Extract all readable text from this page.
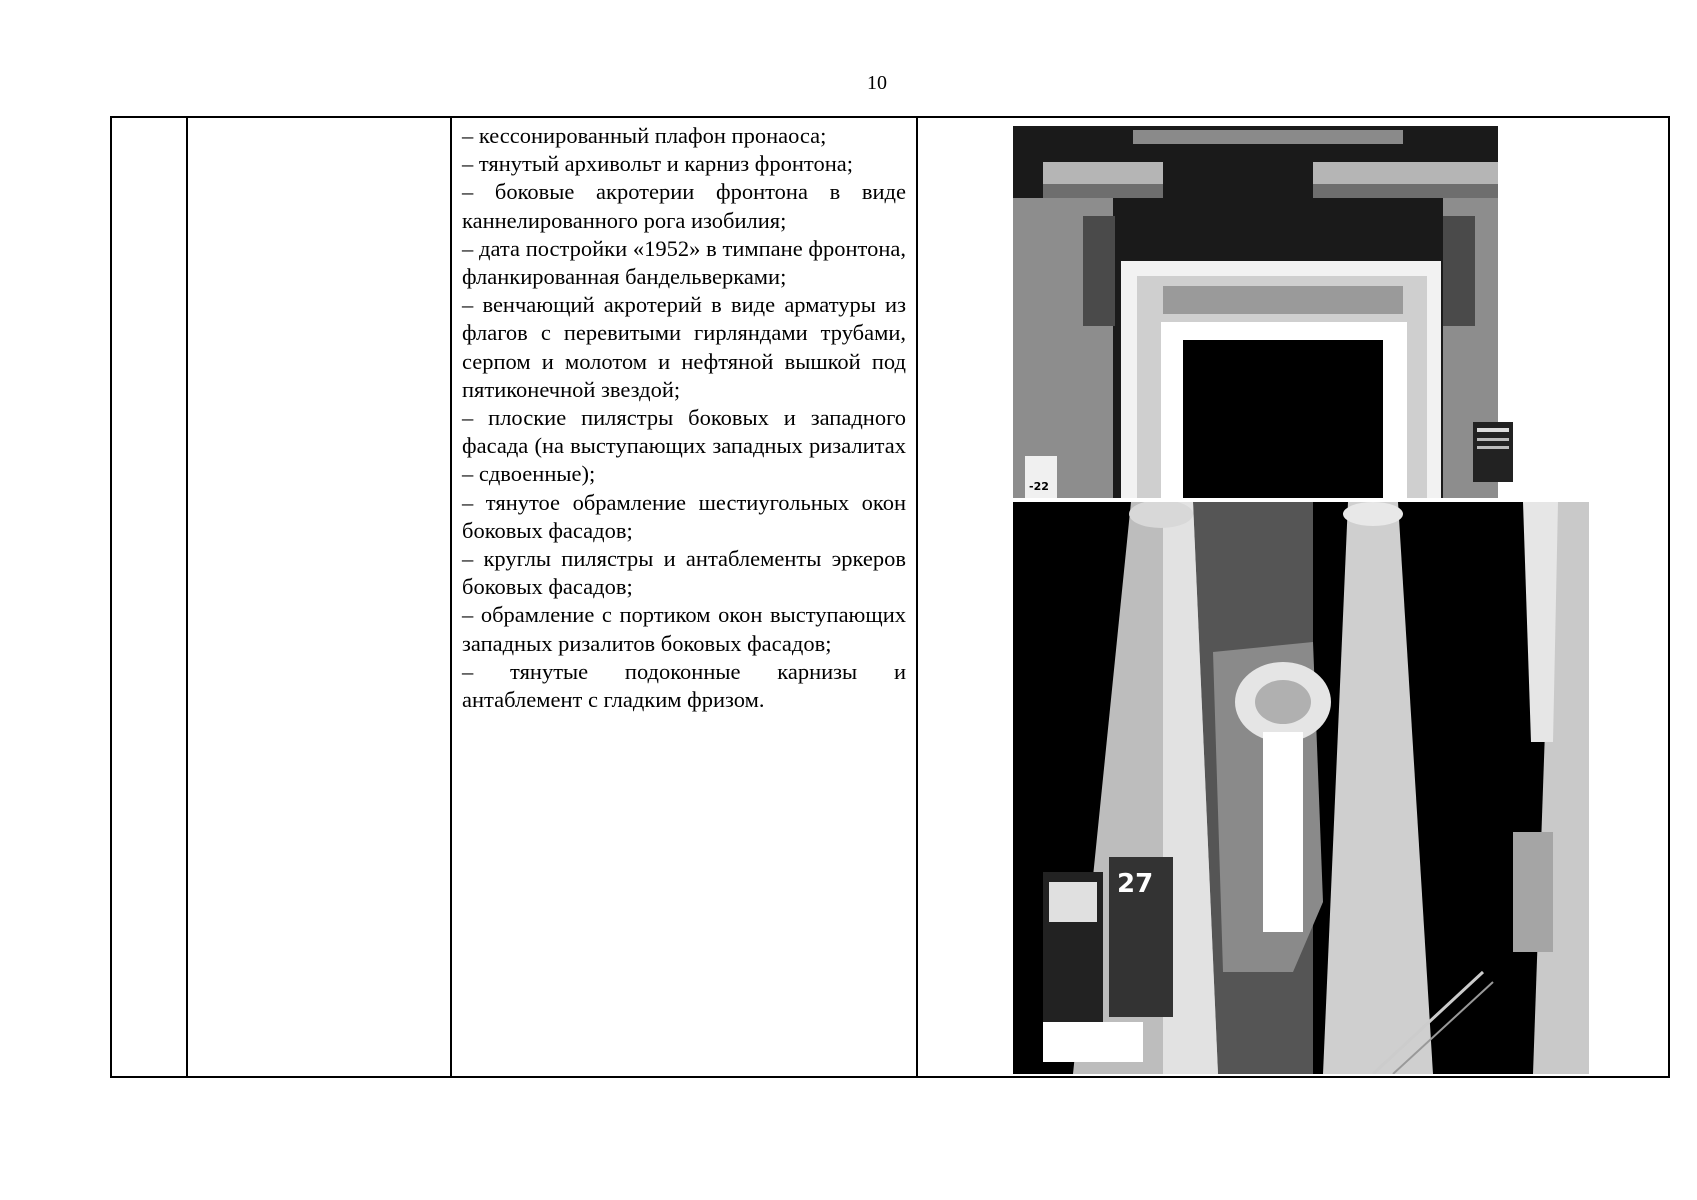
10

– кессонированный плафон пронаоса;

– тянутый архивольт и карниз фронтона;

– боковые акротерии фронтона в виде каннелированного рога изобилия;

– дата постройки «1952» в тимпане фронтона, фланкированная бандельверками;

– венчающий акротерий в виде арматуры из флагов с перевитыми гирляндами трубами, серпом и молотом и нефтяной вышкой под пятиконечной звездой;

– плоские пилястры боковых и западного фасада (на выступающих западных ризалитах – сдвоенные);

– тянутое обрамление шестиугольных окон боковых фасадов;

– круглы пилястры и антаблементы эркеров боковых фасадов;

– обрамление с портиком окон выступающих западных ризалитов боковых фасадов;

– тянутые подоконные карнизы и антаблемент с гладким фризом.

-22
27
